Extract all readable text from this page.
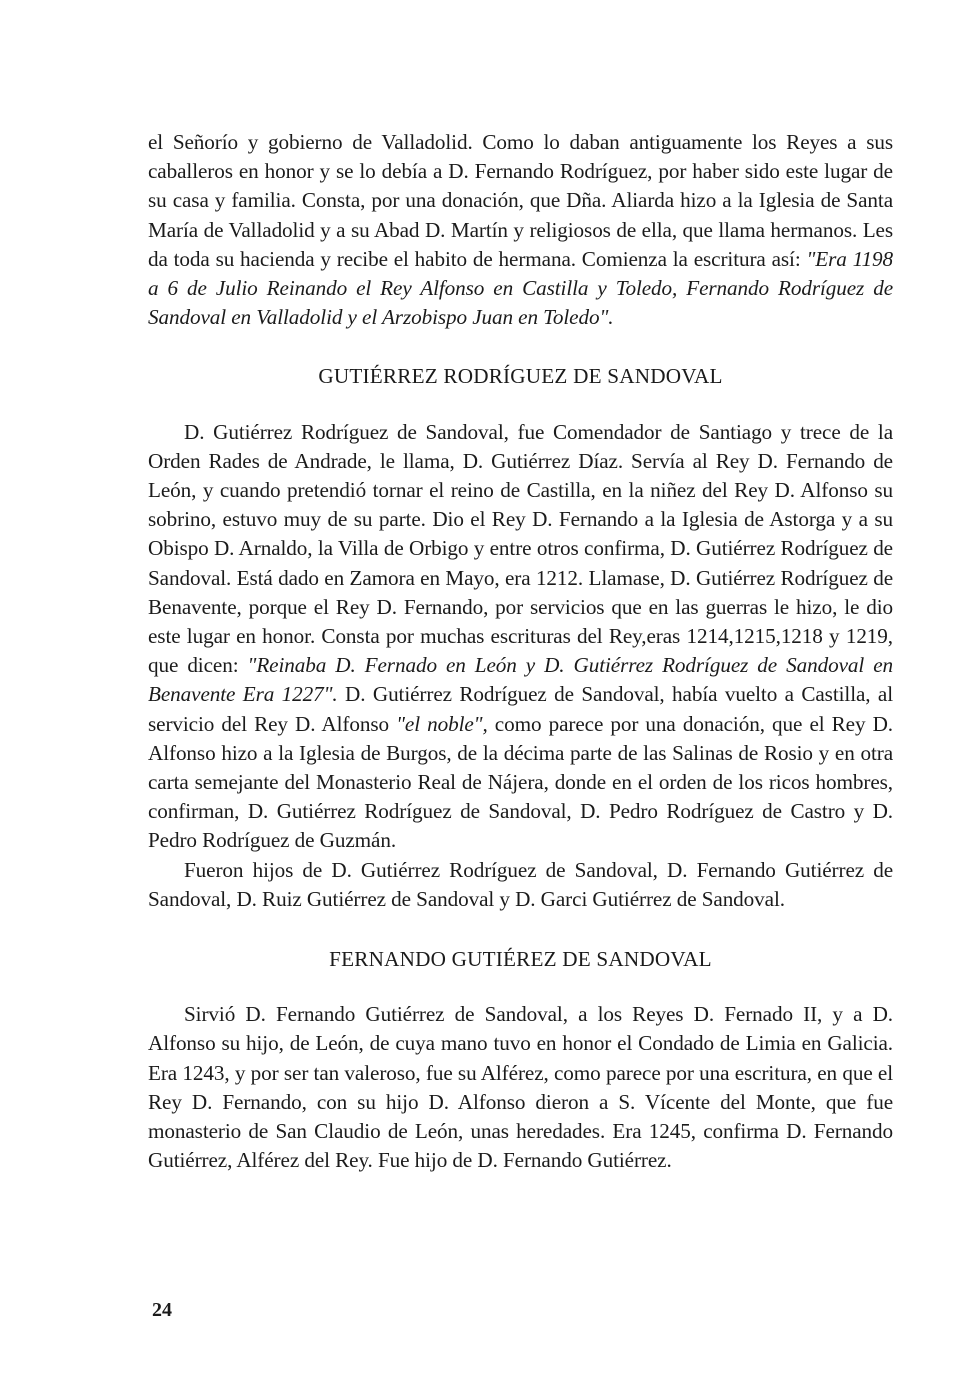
el Señorío y gobierno de Valladolid. Como lo daban antiguamente los Reyes a sus caballeros en honor y se lo debía a D. Fernando Rodríguez, por haber sido este lugar de su casa y familia. Consta, por una donación, que Dña. Aliarda hizo a la Iglesia de Santa María de Valladolid y a su Abad D. Martín y religiosos de ella, que llama hermanos. Les da toda su hacienda y recibe el habito de hermana. Comienza la escritura así: "Era 1198 a 6 de Julio Reinando el Rey Alfonso en Castilla y Toledo, Fernando Rodríguez de Sandoval en Valladolid y el Arzobispo Juan en Toledo".

GUTIÉRREZ RODRÍGUEZ DE SANDOVAL

D. Gutiérrez Rodríguez de Sandoval, fue Comendador de Santiago y trece de la Orden Rades de Andrade, le llama, D. Gutiérrez Díaz. Servía al Rey D. Fernando de León, y cuando pretendió tornar el reino de Castilla, en la niñez del Rey D. Alfonso su sobrino, estuvo muy de su parte. Dio el Rey D. Fernando a la Iglesia de Astorga y a su Obispo D. Arnaldo, la Villa de Orbigo y entre otros confirma, D. Gutiérrez Rodríguez de Sandoval. Está dado en Zamora en Mayo, era 1212. Llamase, D. Gutiérrez Rodríguez de Benavente, porque el Rey D. Fernando, por servicios que en las guerras le hizo, le dio este lugar en honor. Consta por muchas escrituras del Rey,eras 1214,1215,1218 y 1219, que dicen: "Reinaba D. Fernado en León y D. Gutiérrez Rodríguez de Sandoval en Benavente Era 1227". D. Gutiérrez Rodríguez de Sandoval, había vuelto a Castilla, al servicio del Rey D. Alfonso "el noble", como parece por una donación, que el Rey D. Alfonso hizo a la Iglesia de Burgos, de la décima parte de las Salinas de Rosio y en otra carta semejante del Monasterio Real de Nájera, donde en el orden de los ricos hombres, confirman, D. Gutiérrez Rodríguez de Sandoval, D. Pedro Rodríguez de Castro y D. Pedro Rodríguez de Guzmán.

Fueron hijos de D. Gutiérrez Rodríguez de Sandoval, D. Fernando Gutiérrez de Sandoval, D. Ruiz Gutiérrez de Sandoval y D. Garci Gutiérrez de Sandoval.

FERNANDO GUTIÉREZ DE SANDOVAL

Sirvió D. Fernando Gutiérrez de Sandoval, a los Reyes D. Fernado II, y a D. Alfonso su hijo, de León, de cuya mano tuvo en honor el Condado de Limia en Galicia. Era 1243, y por ser tan valeroso, fue su Alférez, como parece por una escritura, en que el Rey D. Fernando, con su hijo D. Alfonso dieron a S. Vícente del Monte, que fue monasterio de San Claudio de León, unas heredades. Era 1245, confirma D. Fernando Gutiérrez, Alférez del Rey. Fue hijo de D. Fernando Gutiérrez.

24
